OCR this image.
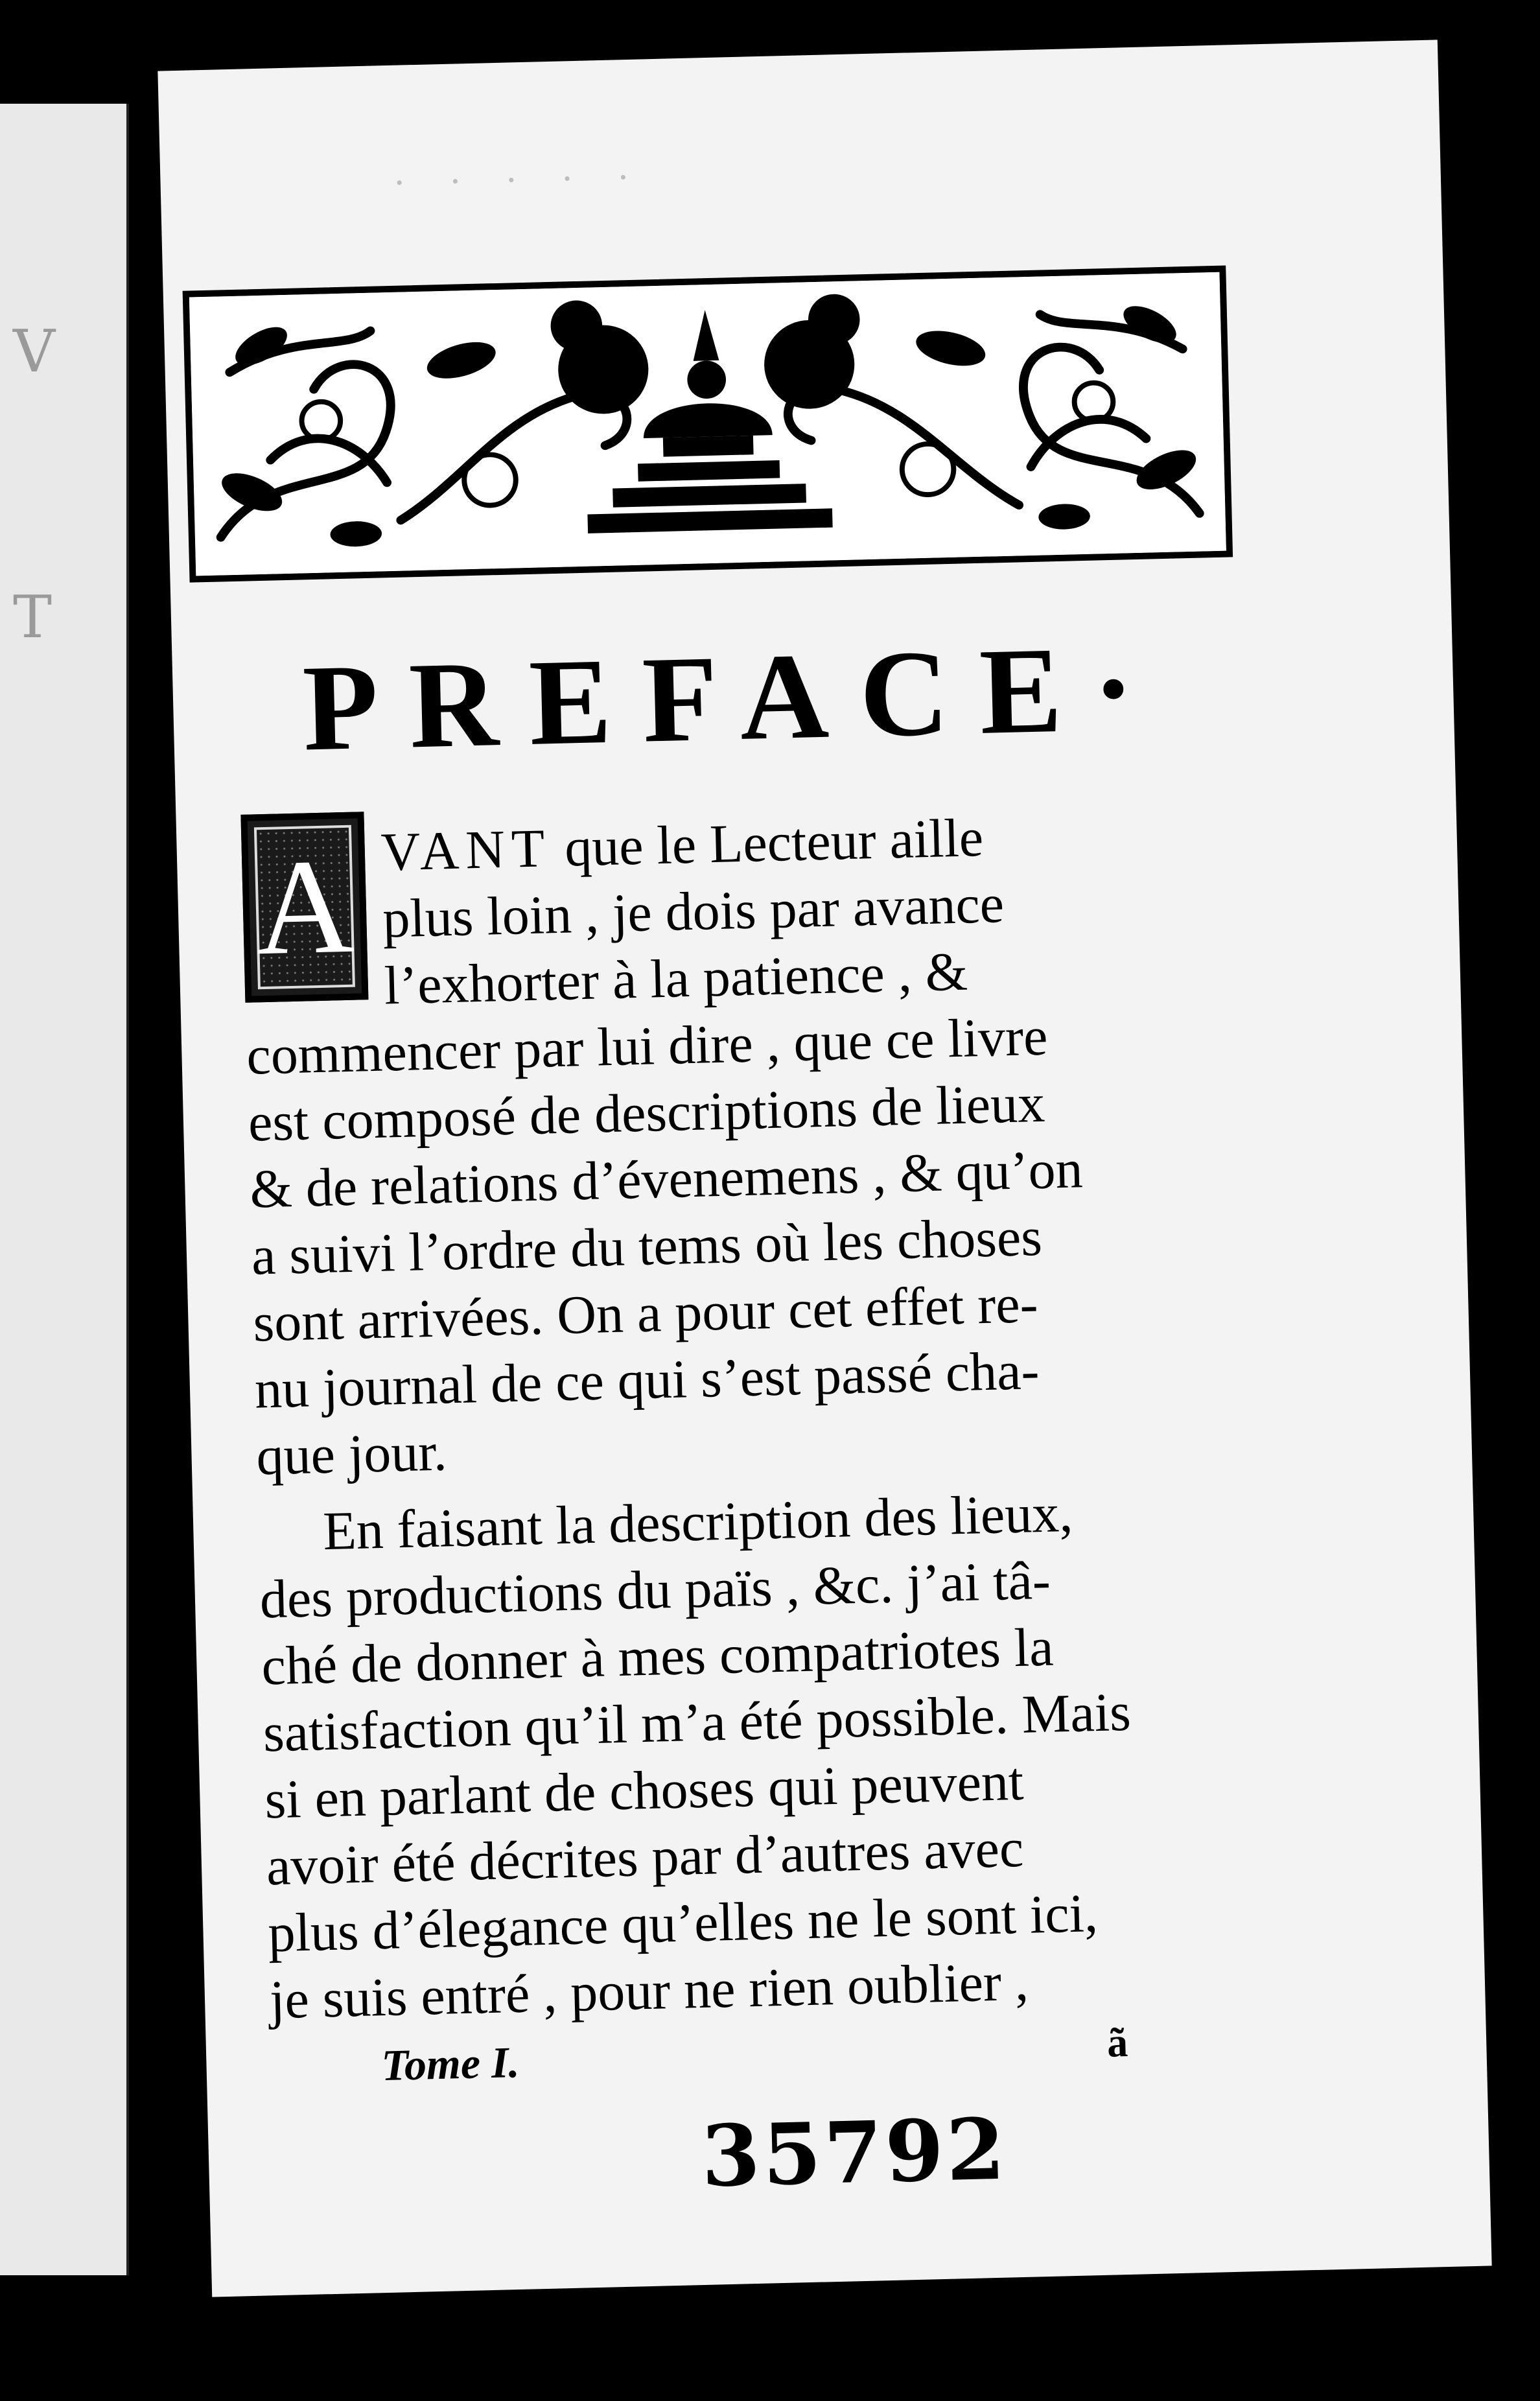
V
T
· · · · ·
PREFACE·
A VANT que le Lecteur aille
plus loin , je dois par avance
l’exhorter à la patience , &
commencer par lui dire , que ce livre
est composé de descriptions de lieux
& de relations d’évenemens , & qu’on
a suivi l’ordre du tems où les choses
sont arrivées. On a pour cet effet re-
nu journal de ce qui s’est passé cha-
que jour.
En faisant la description des lieux,
des productions du païs , &c. j’ai tâ-
ché de donner à mes compatriotes la
satisfaction qu’il m’a été possible. Mais
si en parlant de choses qui peuvent
avoir été décrites par d’autres avec
plus d’élegance qu’elles ne le sont ici,
je suis entré , pour ne rien oublier ,
Tome I.	ã
35792
